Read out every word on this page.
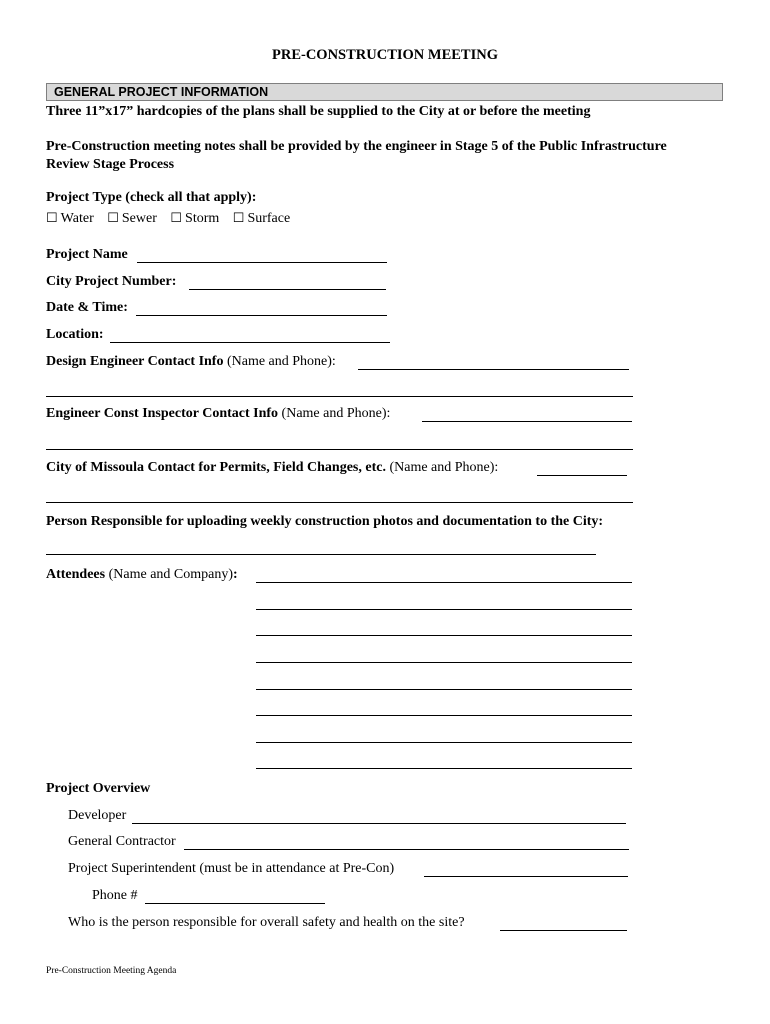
PRE-CONSTRUCTION MEETING
GENERAL PROJECT INFORMATION
Three 11”x17” hardcopies of the plans shall be supplied to the City at or before the meeting
Pre-Construction meeting notes shall be provided by the engineer in Stage 5 of the Public Infrastructure
Review Stage Process
Project Type (check all that apply):
☐ Water ☐ Sewer ☐ Storm ☐ Surface
Project Name
City Project Number:
Date & Time:
Location:
Design Engineer Contact Info (Name and Phone):
Engineer Const Inspector Contact Info (Name and Phone):
City of Missoula Contact for Permits, Field Changes, etc. (Name and Phone):
Person Responsible for uploading weekly construction photos and documentation to the City:
Attendees (Name and Company):
Project Overview
Developer
General Contractor
Project Superintendent (must be in attendance at Pre-Con)
Phone #
Who is the person responsible for overall safety and health on the site?
Pre-Construction Meeting Agenda
